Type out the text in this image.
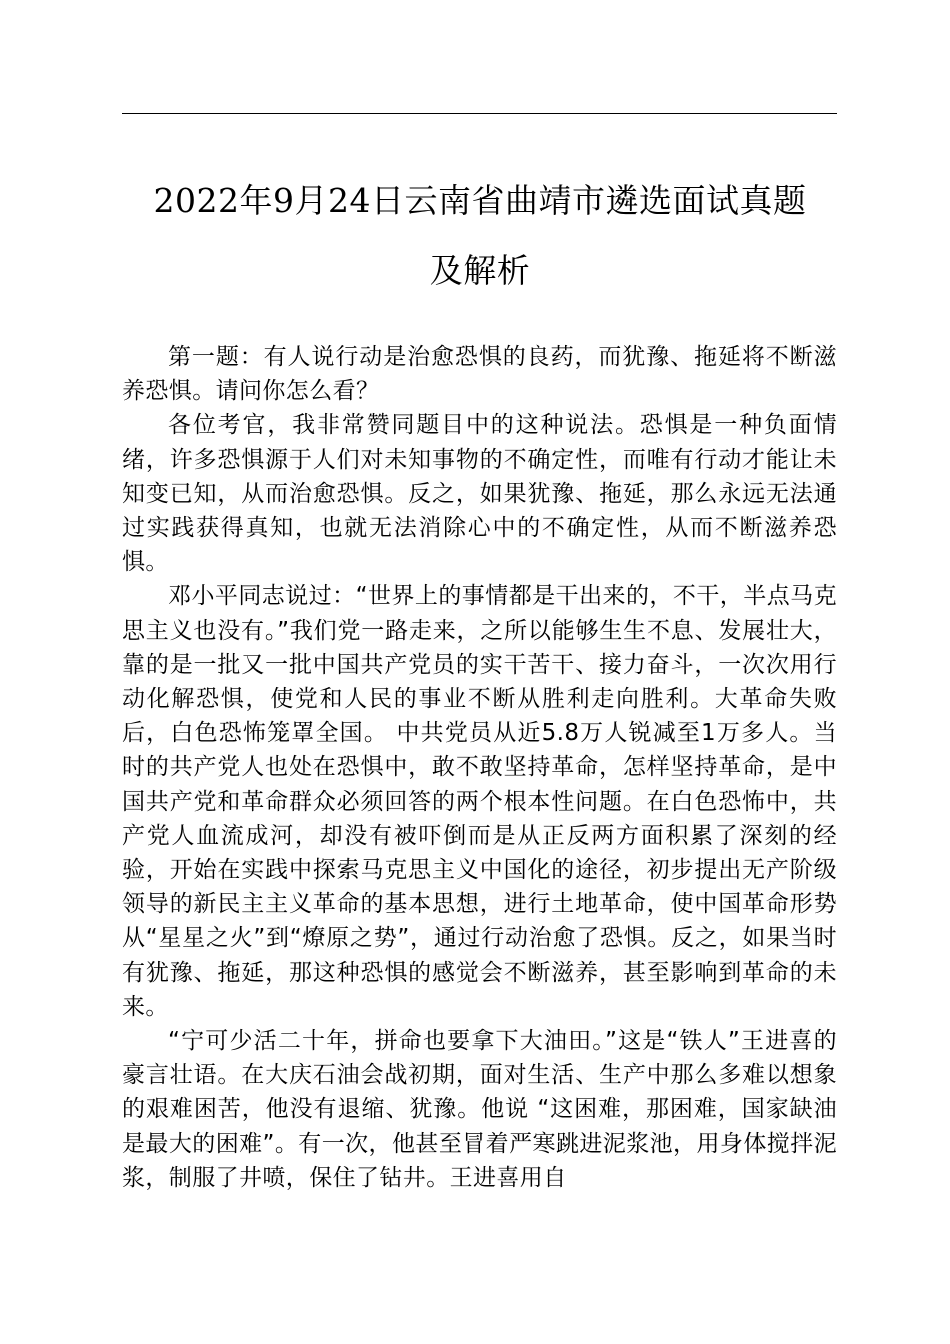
2022年9月24日云南省曲靖市遴选面试真题
及解析

第一题：有人说行动是治愈恐惧的良药，而犹豫、拖延将不断滋养恐惧。请问你怎么看？

各位考官，我非常赞同题目中的这种说法。恐惧是一种负面情绪，许多恐惧源于人们对未知事物的不确定性，而唯有行动才能让未知变已知，从而治愈恐惧。反之，如果犹豫、拖延，那么永远无法通过实践获得真知，也就无法消除心中的不确定性，从而不断滋养恐惧。

邓小平同志说过：“世界上的事情都是干出来的，不干，半点马克思主义也没有。”我们党一路走来，之所以能够生生不息、发展壮大，靠的是一批又一批中国共产党员的实干苦干、接力奋斗，一次次用行动化解恐惧，使党和人民的事业不断从胜利走向胜利。大革命失败后，白色恐怖笼罩全国。 中共党员从近5.8万人锐减至1万多人。当时的共产党人也处在恐惧中，敢不敢坚持革命，怎样坚持革命，是中国共产党和革命群众必须回答的两个根本性问题。在白色恐怖中，共产党人血流成河，却没有被吓倒而是从正反两方面积累了深刻的经验，开始在实践中探索马克思主义中国化的途径，初步提出无产阶级领导的新民主主义革命的基本思想，进行土地革命，使中国革命形势从“星星之火”到“燎原之势”，通过行动治愈了恐惧。反之，如果当时有犹豫、拖延，那这种恐惧的感觉会不断滋养，甚至影响到革命的未来。

“宁可少活二十年，拼命也要拿下大油田。”这是“铁人”王进喜的豪言壮语。在大庆石油会战初期，面对生活、生产中那么多难以想象的艰难困苦，他没有退缩、犹豫。他说 “这困难，那困难，国家缺油是最大的困难”。有一次，他甚至冒着严寒跳进泥浆池，用身体搅拌泥浆，制服了井喷，保住了钻井。王进喜用自
